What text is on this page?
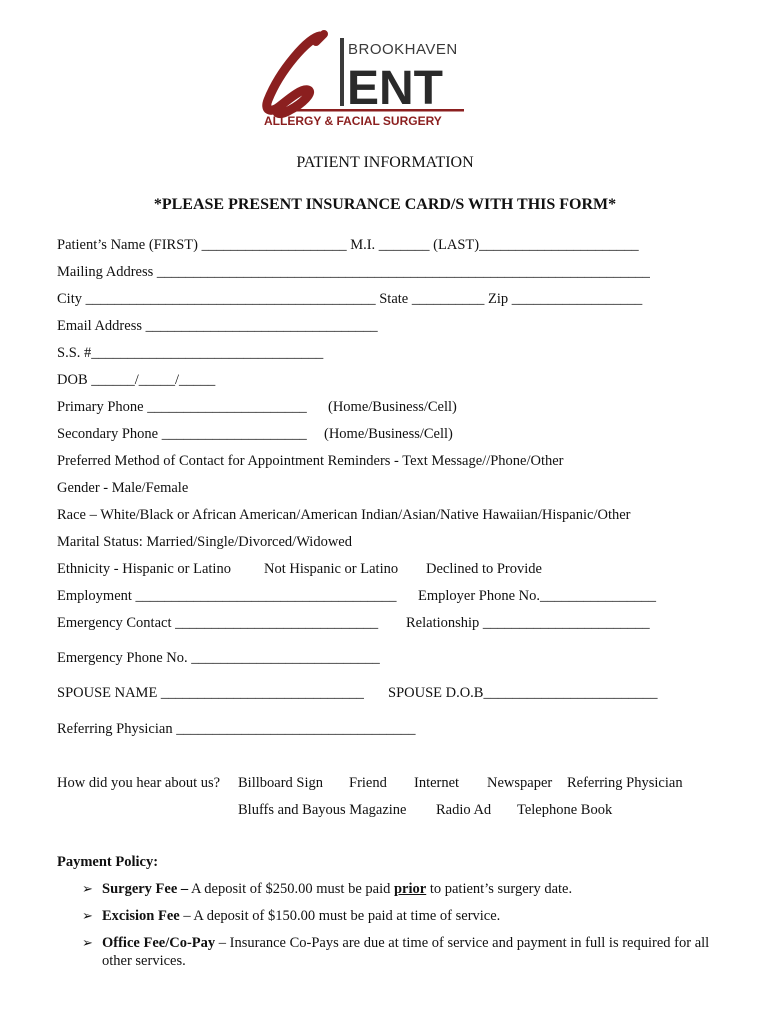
BROOKHAVEN
ENT
ALLERGY & FACIAL SURGERY
PATIENT INFORMATION
*PLEASE PRESENT INSURANCE CARD/S WITH THIS FORM*
Patient’s Name (FIRST) ____________________ M.I. _______ (LAST)______________________
Mailing Address ____________________________________________________________________
City ________________________________________ State __________ Zip __________________
Email Address ________________________________
S.S. #________________________________
DOB ______/_____/_____
Primary Phone ______________________ (Home/Business/Cell)
Secondary Phone ____________________ (Home/Business/Cell)
Preferred Method of Contact for Appointment Reminders - Text Message//Phone/Other
Gender - Male/Female
Race – White/Black or African American/American Indian/Asian/Native Hawaiian/Hispanic/Other
Marital Status: Married/Single/Divorced/Widowed
Ethnicity - Hispanic or Latino Not Hispanic or Latino Declined to Provide
Employment ____________________________________ Employer Phone No.________________
Emergency Contact ____________________________ Relationship _______________________
Emergency Phone No. __________________________
SPOUSE NAME ____________________________ SPOUSE D.O.B________________________
Referring Physician _________________________________
How did you hear about us? Billboard Sign Friend Internet Newspaper Referring Physician
Bluffs and Bayous Magazine Radio Ad Telephone Book
Payment Policy:
➢ Surgery Fee – A deposit of $250.00 must be paid prior to patient’s surgery date.
➢ Excision Fee – A deposit of $150.00 must be paid at time of service.
➢ Office Fee/Co-Pay – Insurance Co-Pays are due at time of service and payment in full is required for all other services.
